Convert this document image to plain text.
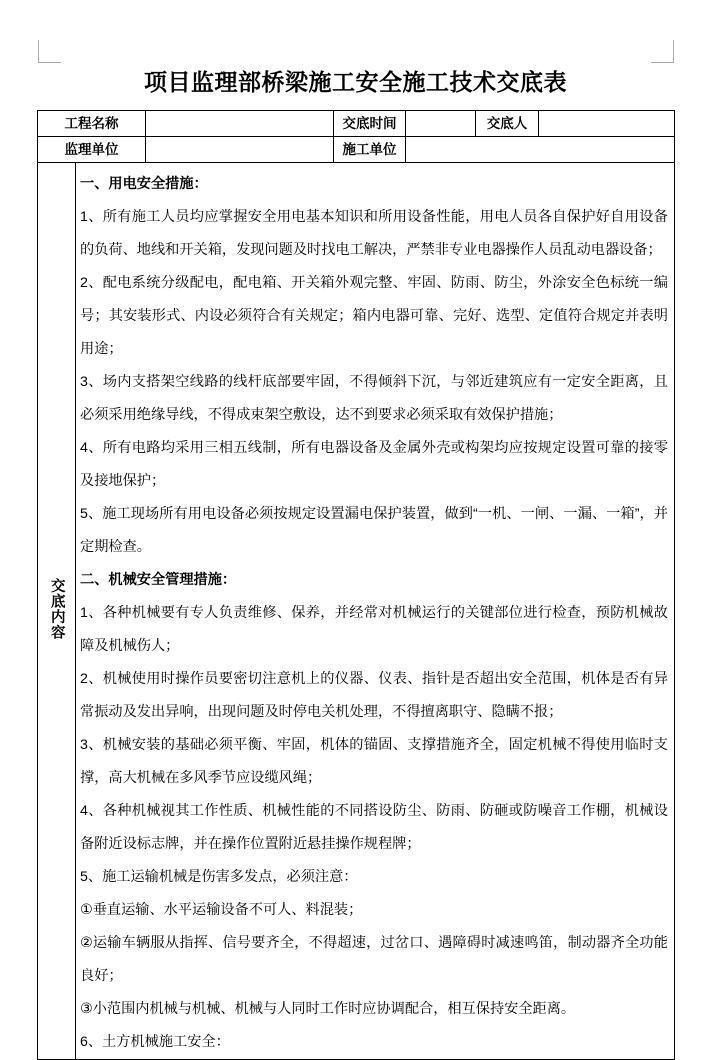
项目监理部桥梁施工安全施工技术交底表
工程名称			交底时间		交底人	
监理单位			施工单位			
交底内容	

一、用电安全措施：

1、所有施工人员均应掌握安全用电基本知识和所用设备性能，用电人员各自保护好自用设备的负荷、地线和开关箱，发现问题及时找电工解决，严禁非专业电器操作人员乱动电器设备；

2、配电系统分级配电，配电箱、开关箱外观完整、牢固、防雨、防尘，外涂安全色标统一编号；其安装形式、内设必须符合有关规定；箱内电器可靠、完好、选型、定值符合规定并表明用途；

3、场内支搭架空线路的线杆底部要牢固，不得倾斜下沉，与邻近建筑应有一定安全距离，且必须采用绝缘导线，不得成束架空敷设，达不到要求必须采取有效保护措施；

4、所有电路均采用三相五线制，所有电器设备及金属外壳或构架均应按规定设置可靠的接零及接地保护；

5、施工现场所有用电设备必须按规定设置漏电保护装置，做到“一机、一闸、一漏、一箱”，并定期检查。

二、机械安全管理措施：

1、各种机械要有专人负责维修、保养，并经常对机械运行的关键部位进行检查，预防机械故障及机械伤人；

2、机械使用时操作员要密切注意机上的仪器、仪表、指针是否超出安全范围，机体是否有异常振动及发出异响，出现问题及时停电关机处理，不得擅离职守、隐瞒不报；

3、机械安装的基础必须平衡、牢固，机体的锚固、支撑措施齐全，固定机械不得使用临时支撑，高大机械在多风季节应设缆风绳；

4、各种机械视其工作性质、机械性能的不同搭设防尘、防雨、防砸或防噪音工作棚，机械设备附近设标志牌，并在操作位置附近悬挂操作规程牌；

5、施工运输机械是伤害多发点，必须注意：

①垂直运输、水平运输设备不可人、料混装；

②运输车辆服从指挥、信号要齐全，不得超速，过岔口、遇障碍时减速鸣笛，制动器齐全功能良好；

③小范围内机械与机械、机械与人同时工作时应协调配合，相互保持安全距离。

6、土方机械施工安全：
